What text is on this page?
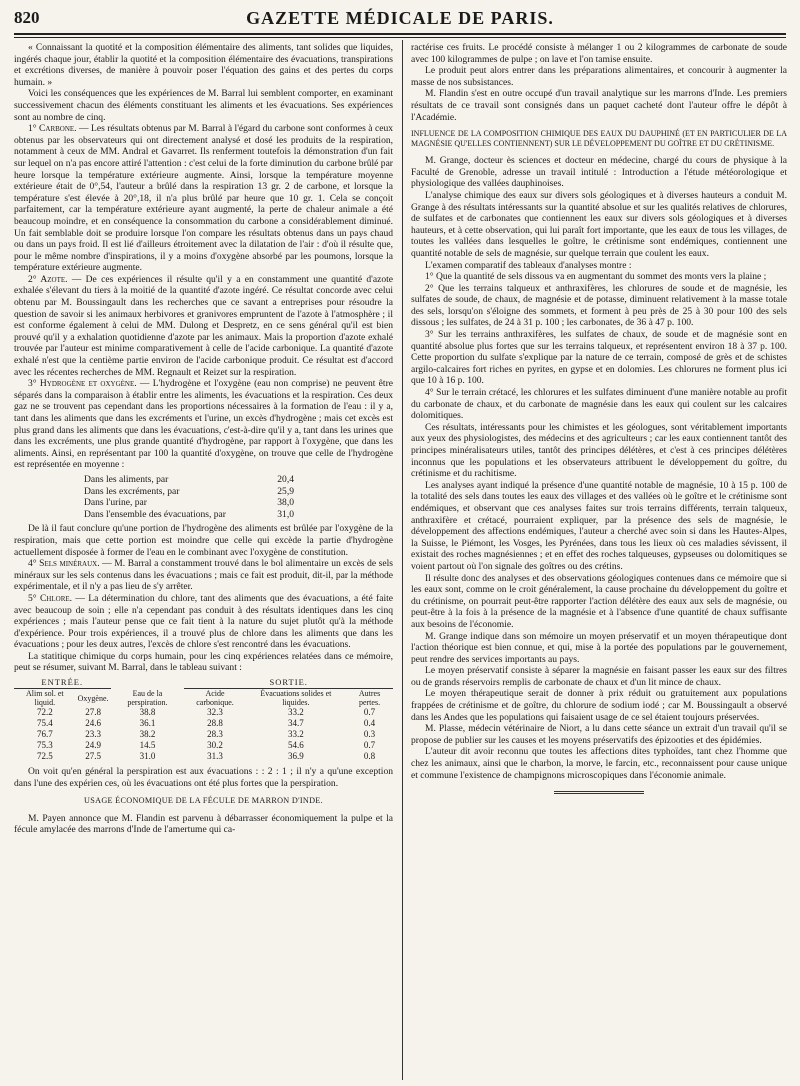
820	GAZETTE MÉDICALE DE PARIS.

« Connaissant la quotité et la composition élémentaire des aliments, tant solides que liquides, ingérés chaque jour, établir la quotité et la composition élémentaire des évacuations, transpirations et excrétions diverses, de manière à pouvoir poser l'équation des gains et des pertes du corps humain. »

Voici les conséquences que les expériences de M. Barral lui semblent comporter, en examinant successivement chacun des éléments constituant les aliments et les évacuations. Ses expériences sont au nombre de cinq.

1° Carbone. — Les résultats obtenus par M. Barral à l'égard du carbone sont conformes à ceux obtenus par les observateurs qui ont directement analysé et dosé les produits de la respiration, notamment à ceux de MM. Andral et Gavarret. Ils renferment toutefois la démonstration d'un fait sur lequel on n'a pas encore attiré l'attention : c'est celui de la forte diminution du carbone brûlé par heure lorsque la température extérieure augmente. Ainsi, lorsque la température moyenne extérieure était de 0°,54, l'auteur a brûlé dans la respiration 13 gr. 2 de carbone, et lorsque la température s'est élevée à 20°,18, il n'a plus brûlé par heure que 10 gr. 1. Cela se conçoit parfaitement, car la température extérieure ayant augmenté, la perte de chaleur animale a été beaucoup moindre, et en conséquence la consommation du carbone a considérablement diminué. Un fait semblable doit se produire lorsque l'on compare les résultats obtenus dans un pays chaud ou dans un pays froid. Il est lié d'ailleurs étroitement avec la dilatation de l'air : d'où il résulte que, pour le même nombre d'inspirations, il y a moins d'oxygène absorbé par les poumons, lorsque la température extérieure augmente.

2° Azote. — De ces expériences il résulte qu'il y a en constamment une quantité d'azote exhalée s'élevant du tiers à la moitié de la quantité d'azote ingéré. Ce résultat concorde avec celui obtenu par M. Boussingault dans les recherches que ce savant a entreprises pour résoudre la question de savoir si les animaux herbivores et granivores empruntent de l'azote à l'atmosphère ; il est conforme également à celui de MM. Dulong et Despretz, en ce sens général qu'il est bien prouvé qu'il y a exhalation quotidienne d'azote par les animaux. Mais la proportion d'azote exhalé trouvée par l'auteur est minime comparativement à celle de l'acide carbonique. La quantité d'azote exhalé n'est que la centième partie environ de l'acide carbonique produit. Ce résultat est d'accord avec les récentes recherches de MM. Regnault et Reizet sur la respiration.

3° Hydrogène et oxygène. — L'hydrogène et l'oxygène (eau non comprise) ne peuvent être séparés dans la comparaison à établir entre les aliments, les évacuations et la respiration. Ces deux gaz ne se trouvent pas cependant dans les proportions nécessaires à la formation de l'eau : il y a, tant dans les aliments que dans les excréments et l'urine, un excès d'hydrogène ; mais cet excès est plus grand dans les aliments que dans les évacuations, c'est-à-dire qu'il y a, tant dans les urines que dans les excréments, une plus grande quantité d'hydrogène, par rapport à l'oxygène, que dans les aliments. Ainsi, en représentant par 100 la quantité d'oxygène, on trouve que celle de l'hydrogène est représentée en moyenne :

Dans les aliments, par	20,4
Dans les excréments, par	25,9
Dans l'urine, par	38,0
Dans l'ensemble des évacuations, par	31,0

De là il faut conclure qu'une portion de l'hydrogène des aliments est brûlée par l'oxygène de la respiration, mais que cette portion est moindre que celle qui excède la partie d'hydrogène actuellement disposée à former de l'eau en le combinant avec l'oxygène de constitution.

4° Sels minéraux. — M. Barral a constamment trouvé dans le bol alimentaire un excès de sels minéraux sur les sels contenus dans les évacuations ; mais ce fait est produit, dit-il, par la méthode expérimentale, et il n'y a pas lieu de s'y arrêter.

5° Chlore. — La détermination du chlore, tant des aliments que des évacuations, a été faite avec beaucoup de soin ; elle n'a cependant pas conduit à des résultats identiques dans les cinq expériences ; mais l'auteur pense que ce fait tient à la nature du sujet plutôt qu'à la méthode d'expérience. Pour trois expériences, il a trouvé plus de chlore dans les aliments que dans les évacuations ; pour les deux autres, l'excès de chlore s'est rencontré dans les évacuations.

La statitique chimique du corps humain, pour les cinq expériences relatées dans ce mémoire, peut se résumer, suivant M. Barral, dans le tableau suivant :

ENTRÉE.			SORTIE.		
Alim sol. et liquid.	Oxygène.	Eau de la perspiration.	Acide carbonique.	Évacuations solides et liquides.	Autres pertes.
72.2	27.8	38.8	32.3	33.2	0.7
75.4	24.6	36.1	28.8	34.7	0.4
76.7	23.3	38.2	28.3	33.2	0.3
75.3	24.9	14.5	30.2	54.6	0.7
72.5	27.5	31.0	31.3	36.9	0.8

On voit qu'en général la perspiration est aux évacuations : : 2 : 1 ; il n'y a qu'une exception dans l'une des expérien ces, où les évacuations ont été plus fortes que la perspiration.

USAGE ÉCONOMIQUE DE LA FÉCULE DE MARRON D'INDE.

M. Payen annonce que M. Flandin est parvenu à débarrasser économiquement la pulpe et la fécule amylacée des marrons d'Inde de l'amertume qui ca-

ractérise ces fruits. Le procédé consiste à mélanger 1 ou 2 kilogrammes de carbonate de soude avec 100 kilogrammes de pulpe ; on lave et l'on tamise ensuite.

Le produit peut alors entrer dans les préparations alimentaires, et concourir à augmenter la masse de nos subsistances.

M. Flandin s'est en outre occupé d'un travail analytique sur les marrons d'Inde. Les premiers résultats de ce travail sont consignés dans un paquet cacheté dont l'auteur offre le dépôt à l'Académie.

INFLUENCE DE LA COMPOSITION CHIMIQUE DES EAUX DU DAUPHINÉ (ET EN PARTICULIER DE LA MAGNÉSIE QU'ELLES CONTIENNENT) SUR LE DÉVELOPPEMENT DU GOÎTRE ET DU CRÉTINISME.

M. Grange, docteur ès sciences et docteur en médecine, chargé du cours de physique à la Faculté de Grenoble, adresse un travail intitulé : Introduction a l'étude météorologique et physiologique des vallées dauphinoises.

L'analyse chimique des eaux sur divers sols géologiques et à diverses hauteurs a conduit M. Grange à des résultats intéressants sur la quantité absolue et sur les qualités relatives de chlorures, de sulfates et de carbonates que contiennent les eaux sur divers sols géologiques et à diverses hauteurs, et à cette observation, qui lui paraît fort importante, que les eaux de tous les villages, de toutes les vallées dans lesquelles le goître, le crétinisme sont endémiques, contiennent une quantité notable de sels de magnésie, sur quelque terrain que coulent les eaux.

L'examen comparatif des tableaux d'analyses montre :

1° Que la quantité de sels dissous va en augmentant du sommet des monts vers la plaine ;

2° Que les terrains talqueux et anthraxifères, les chlorures de soude et de magnésie, les sulfates de soude, de chaux, de magnésie et de potasse, diminuent relativement à la masse totale des sels, lorsqu'on s'éloigne des sommets, et forment à peu près de 25 à 30 pour 100 des sels dissous ; les sulfates, de 24 à 31 p. 100 ; les carbonates, de 36 à 47 p. 100.

3° Sur les terrains anthraxifères, les sulfates de chaux, de soude et de magnésie sont en quantité absolue plus fortes que sur les terrains talqueux, et représentent environ 18 à 37 p. 100. Cette proportion du sulfate s'explique par la nature de ce terrain, composé de grès et de schistes argilo-calcaires fort riches en pyrites, en gypse et en dolomies. Les chlorures ne forment plus ici que 10 à 16 p. 100.

4° Sur le terrain crétacé, les chlorures et les sulfates diminuent d'une manière notable au profit du carbonate de chaux, et du carbonate de magnésie dans les eaux qui coulent sur les calcaires dolomitiques.

Ces résultats, intéressants pour les chimistes et les géologues, sont véritablement importants aux yeux des physiologistes, des médecins et des agriculteurs ; car les eaux contiennent tantôt des principes minéralisateurs utiles, tantôt des principes délétères, et c'est à ces principes délétères inconnus que les populations et les observateurs attribuent le développement du goître, du crétinisme et du rachitisme.

Les analyses ayant indiqué la présence d'une quantité notable de magnésie, 10 à 15 p. 100 de la totalité des sels dans toutes les eaux des villages et des vallées où le goître et le crétinisme sont endémiques, et observant que ces analyses faites sur trois terrains différents, terrain talqueux, anthraxifère et crétacé, pourraient expliquer, par la présence des sels de magnésie, le développement des affections endémiques, l'auteur a cherché avec soin si dans les Hautes-Alpes, la Suisse, le Piémont, les Vosges, les Pyrénées, dans tous les lieux où ces maladies sévissent, il existait des roches magnésiennes ; et en effet des roches talqueuses, gypseuses ou dolomitiques se voient partout où l'on signale des goîtres ou des crétins.

Il résulte donc des analyses et des observations géologiques contenues dans ce mémoire que si les eaux sont, comme on le croit généralement, la cause prochaine du développement du goître et du crétinisme, on pourrait peut-être rapporter l'action délétère des eaux aux sels de magnésie, ou peut-être à la fois à la présence de la magnésie et à l'absence d'une quantité de chaux suffisante aux besoins de l'économie.

M. Grange indique dans son mémoire un moyen préservatif et un moyen thérapeutique dont l'action théorique est bien connue, et qui, mise à la portée des populations par le gouvernement, peut rendre des services importants au pays.

Le moyen préservatif consiste à séparer la magnésie en faisant passer les eaux sur des filtres ou de grands réservoirs remplis de carbonate de chaux et d'un lit mince de chaux.

Le moyen thérapeutique serait de donner à prix réduit ou gratuitement aux populations frappées de crétinisme et de goître, du chlorure de sodium iodé ; car M. Boussingault a observé dans les Andes que les populations qui faisaient usage de ce sel étaient toujours préservées.

M. Plasse, médecin vétérinaire de Niort, a lu dans cette séance un extrait d'un travail qu'il se propose de publier sur les causes et les moyens préservatifs des épizooties et des épidémies.

L'auteur dit avoir reconnu que toutes les affections dites typhoïdes, tant chez l'homme que chez les animaux, ainsi que le charbon, la morve, le farcin, etc., reconnaissent pour cause unique et commune l'existence de champignons microscopiques dans l'économie animale.
